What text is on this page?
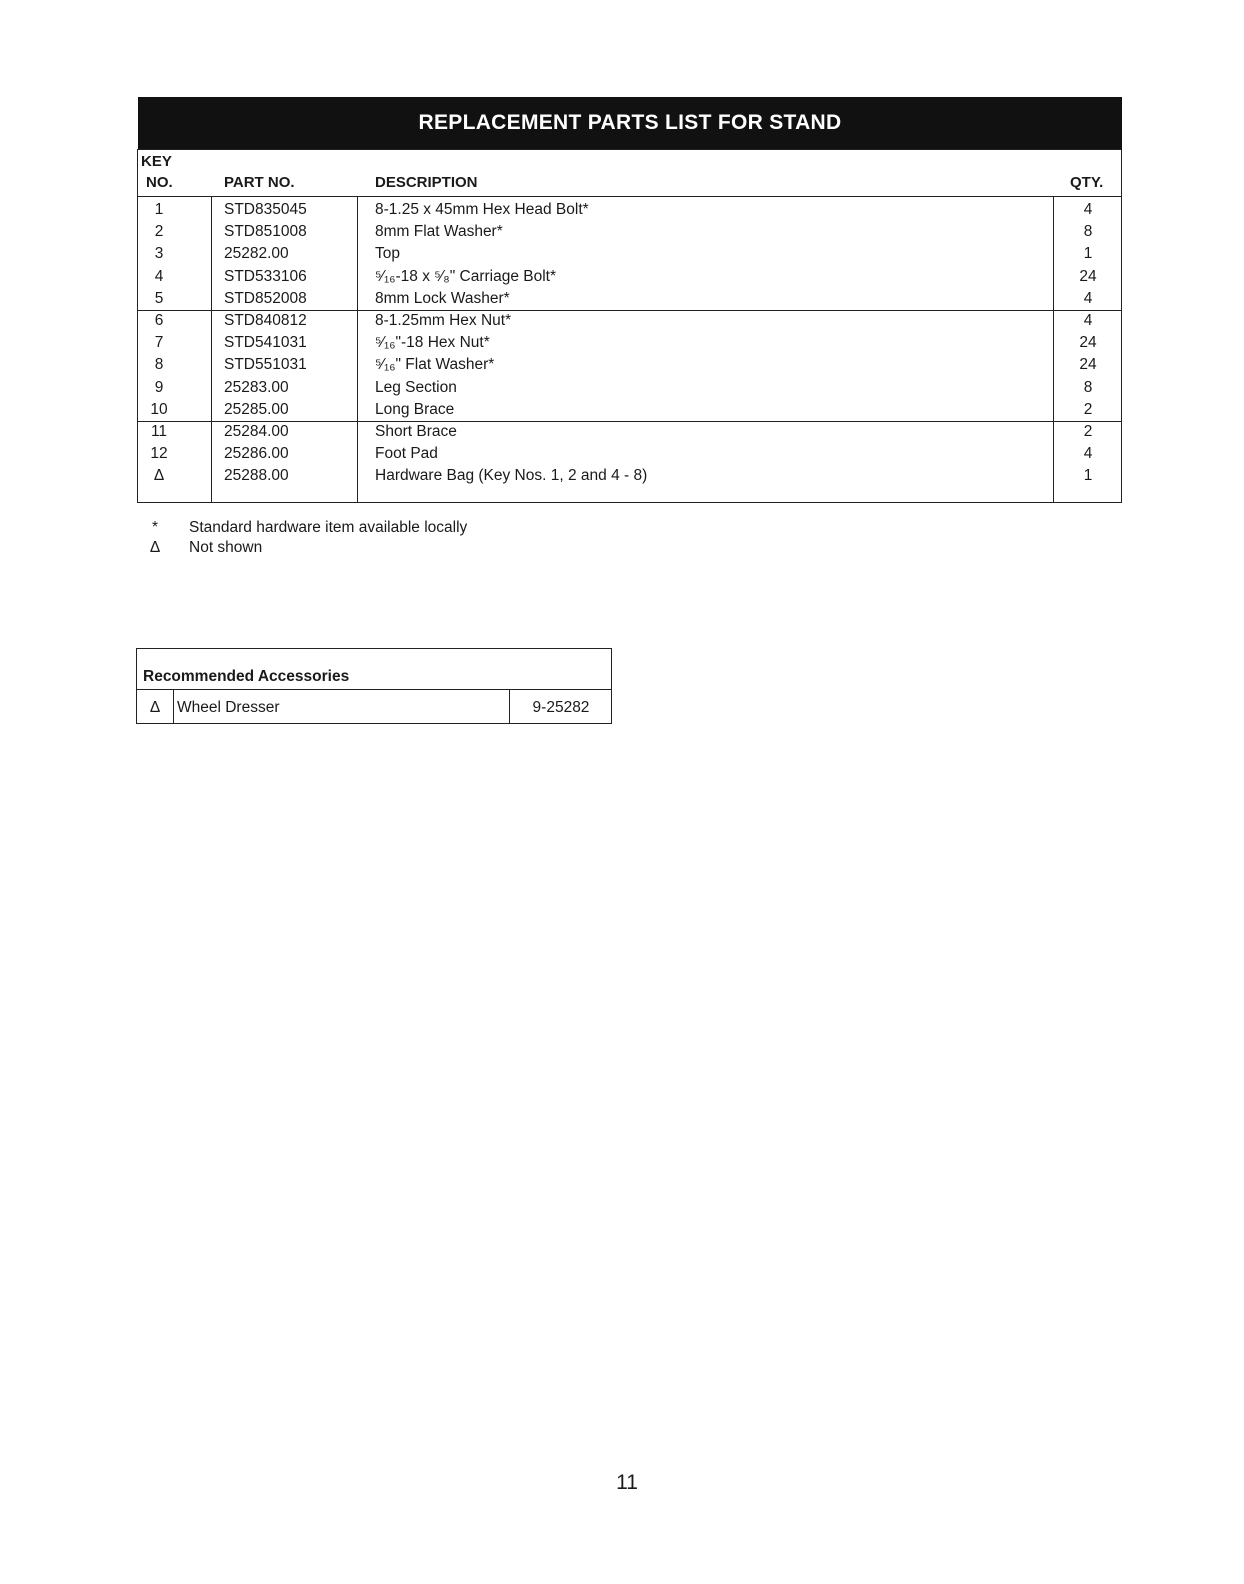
REPLACEMENT PARTS LIST FOR STAND
KEY
NO.	PART NO.	DESCRIPTION	QTY.
1	STD835045	8-1.25 x 45mm Hex Head Bolt*	4
2	STD851008	8mm Flat Washer*	8
3	25282.00	Top	1
4	STD533106	⁵⁄₁₆-18 x ⁵⁄₈" Carriage Bolt*	24
5	STD852008	8mm Lock Washer*	4
6	STD840812	8-1.25mm Hex Nut*	4
7	STD541031	⁵⁄₁₆"-18 Hex Nut*	24
8	STD551031	⁵⁄₁₆" Flat Washer*	24
9	25283.00	Leg Section	8
10	25285.00	Long Brace	2
11	25284.00	Short Brace	2
12	25286.00	Foot Pad	4
Δ	25288.00	Hardware Bag (Key Nos. 1, 2 and 4 - 8)	1
* Standard hardware item available locally
Δ Not shown
Recommended Accessories
Δ	Wheel Dresser	9-25282
11
